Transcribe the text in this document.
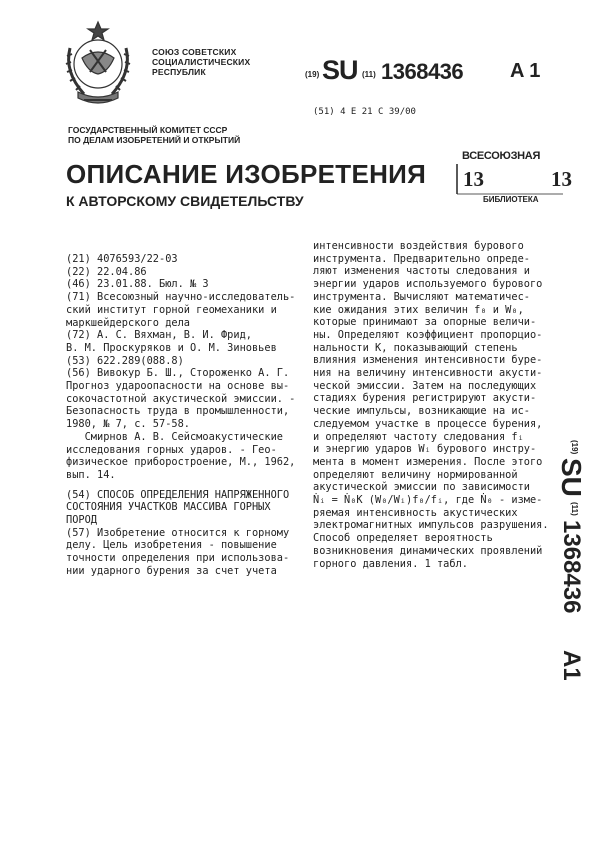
СОЮЗ СОВЕТСКИХ
СОЦИАЛИСТИЧЕСКИХ
РЕСПУБЛИК	(19) SU (11) 1368436 A 1
(51) 4 E 21 C 39/00
ГОСУДАРСТВЕННЫЙ КОМИТЕТ СССР
ПО ДЕЛАМ ИЗОБРЕТЕНИЙ И ОТКРЫТИЙ
ОПИСАНИЕ ИЗОБРЕТЕНИЯ
К АВТОРСКОМУ СВИДЕТЕЛЬСТВУ
ВСЕСОЮЗНАЯ
13	13
БИБЛИОТЕКА
(21) 4076593/22-03
(22) 22.04.86
(46) 23.01.88. Бюл. № 3
(71) Всесоюзный научно-исследователь-
ский институт горной геомеханики и
маркшейдерского дела
(72) А. С. Вяхман, В. И. Фрид,
В. М. Проскуряков и О. М. Зиновьев
(53) 622.289(088.8)
(56) Вивокур Б. Ш., Стороженко А. Г.
Прогноз удароопасности на основе вы-
сокочастотной акустической эмиссии. -
Безопасность труда в промышленности,
1980, № 7, с. 57-58.
Смирнов А. В. Сейсмоакустические
исследования горных ударов. - Гео-
физическое приборостроение, М., 1962,
вып. 14.
(54) СПОСОБ ОПРЕДЕЛЕНИЯ НАПРЯЖЕННОГО
СОСТОЯНИЯ УЧАСТКОВ МАССИВА ГОРНЫХ
ПОРОД
(57) Изобретение относится к горному
делу. Цель изобретения - повышение
точности определения при использова-
нии ударного бурения за счет учета
интенсивности воздействия бурового
инструмента. Предварительно опреде-
ляют изменения частоты следования и
энергии ударов используемого бурового
инструмента. Вычисляют математичес-
кие ожидания этих величин f₀ и W₀,
которые принимают за опорные величи-
ны. Определяют коэффициент пропорцио-
нальности K, показывающий степень
влияния изменения интенсивности буре-
ния на величину интенсивности акусти-
ческой эмиссии. Затем на последующих
стадиях бурения регистрируют акусти-
ческие импульсы, возникающие на ис-
следуемом участке в процессе бурения,
и определяют частоту следования fᵢ
и энергию ударов Wᵢ бурового инстру-
мента в момент измерения. После этого
определяют величину нормированной
акустической эмиссии по зависимости
Ṅᵢ = Ṅ₀K (W₀/Wᵢ)f₀/fᵢ, где Ṅ₀ - изме-
ряемая интенсивность акустических
электромагнитных импульсов разрушения.
Способ определяет вероятность
возникновения динамических проявлений
горного давления. 1 табл.
(19)
SU
(11)
1368436
A1
